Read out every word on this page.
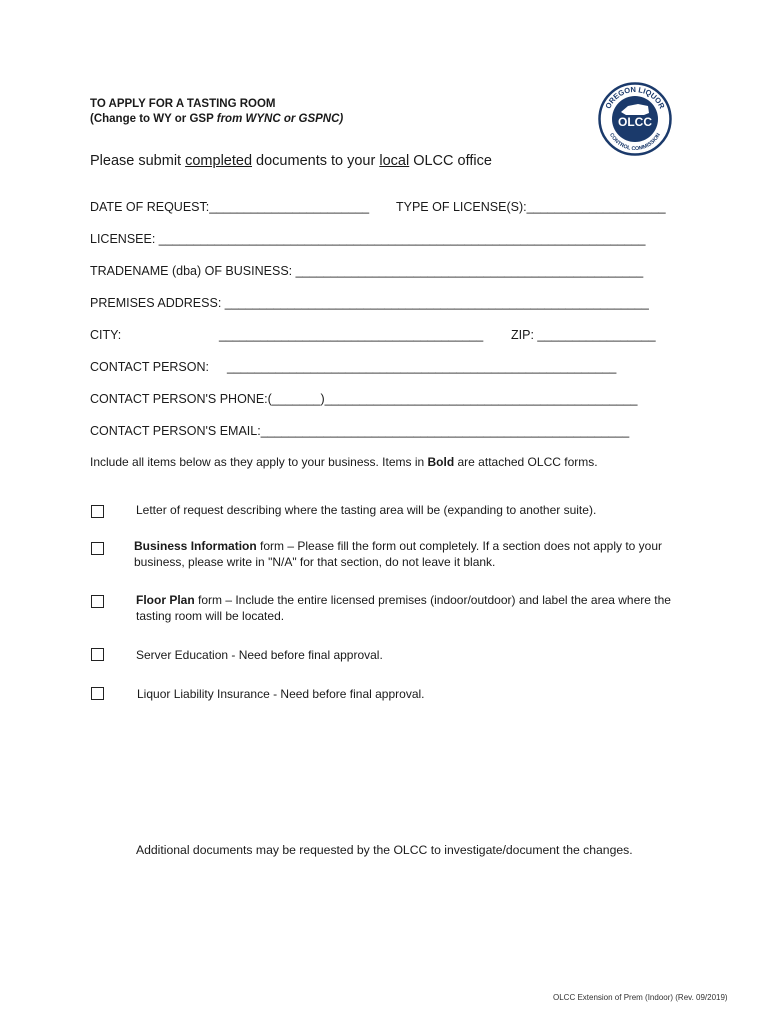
TO APPLY FOR A TASTING ROOM
(Change to WY or GSP from WYNC or GSPNC)
OREGON LIQUOR
CONTROL COMMISSION
OLCC
Please submit completed documents to your local OLCC office
DATE OF REQUEST:_______________________ TYPE OF LICENSE(S):____________________
LICENSEE: ______________________________________________________________________
TRADENAME (dba) OF BUSINESS: __________________________________________________
PREMISES ADDRESS: _____________________________________________________________
CITY:	______________________________________ ZIP: _________________
CONTACT PERSON: ________________________________________________________
CONTACT PERSON'S PHONE:(_______)_____________________________________________
CONTACT PERSON'S EMAIL:_____________________________________________________
Include all items below as they apply to your business. Items in Bold are attached OLCC forms.
Letter of request describing where the tasting area will be (expanding to another suite).
Business Information form – Please fill the form out completely. If a section does not apply to your business, please write in "N/A" for that section, do not leave it blank.
Floor Plan form – Include the entire licensed premises (indoor/outdoor) and label the area where the tasting room will be located.
Server Education - Need before final approval.
Liquor Liability Insurance - Need before final approval.
Additional documents may be requested by the OLCC to investigate/document the changes.
OLCC Extension of Prem (Indoor) (Rev. 09/2019)
